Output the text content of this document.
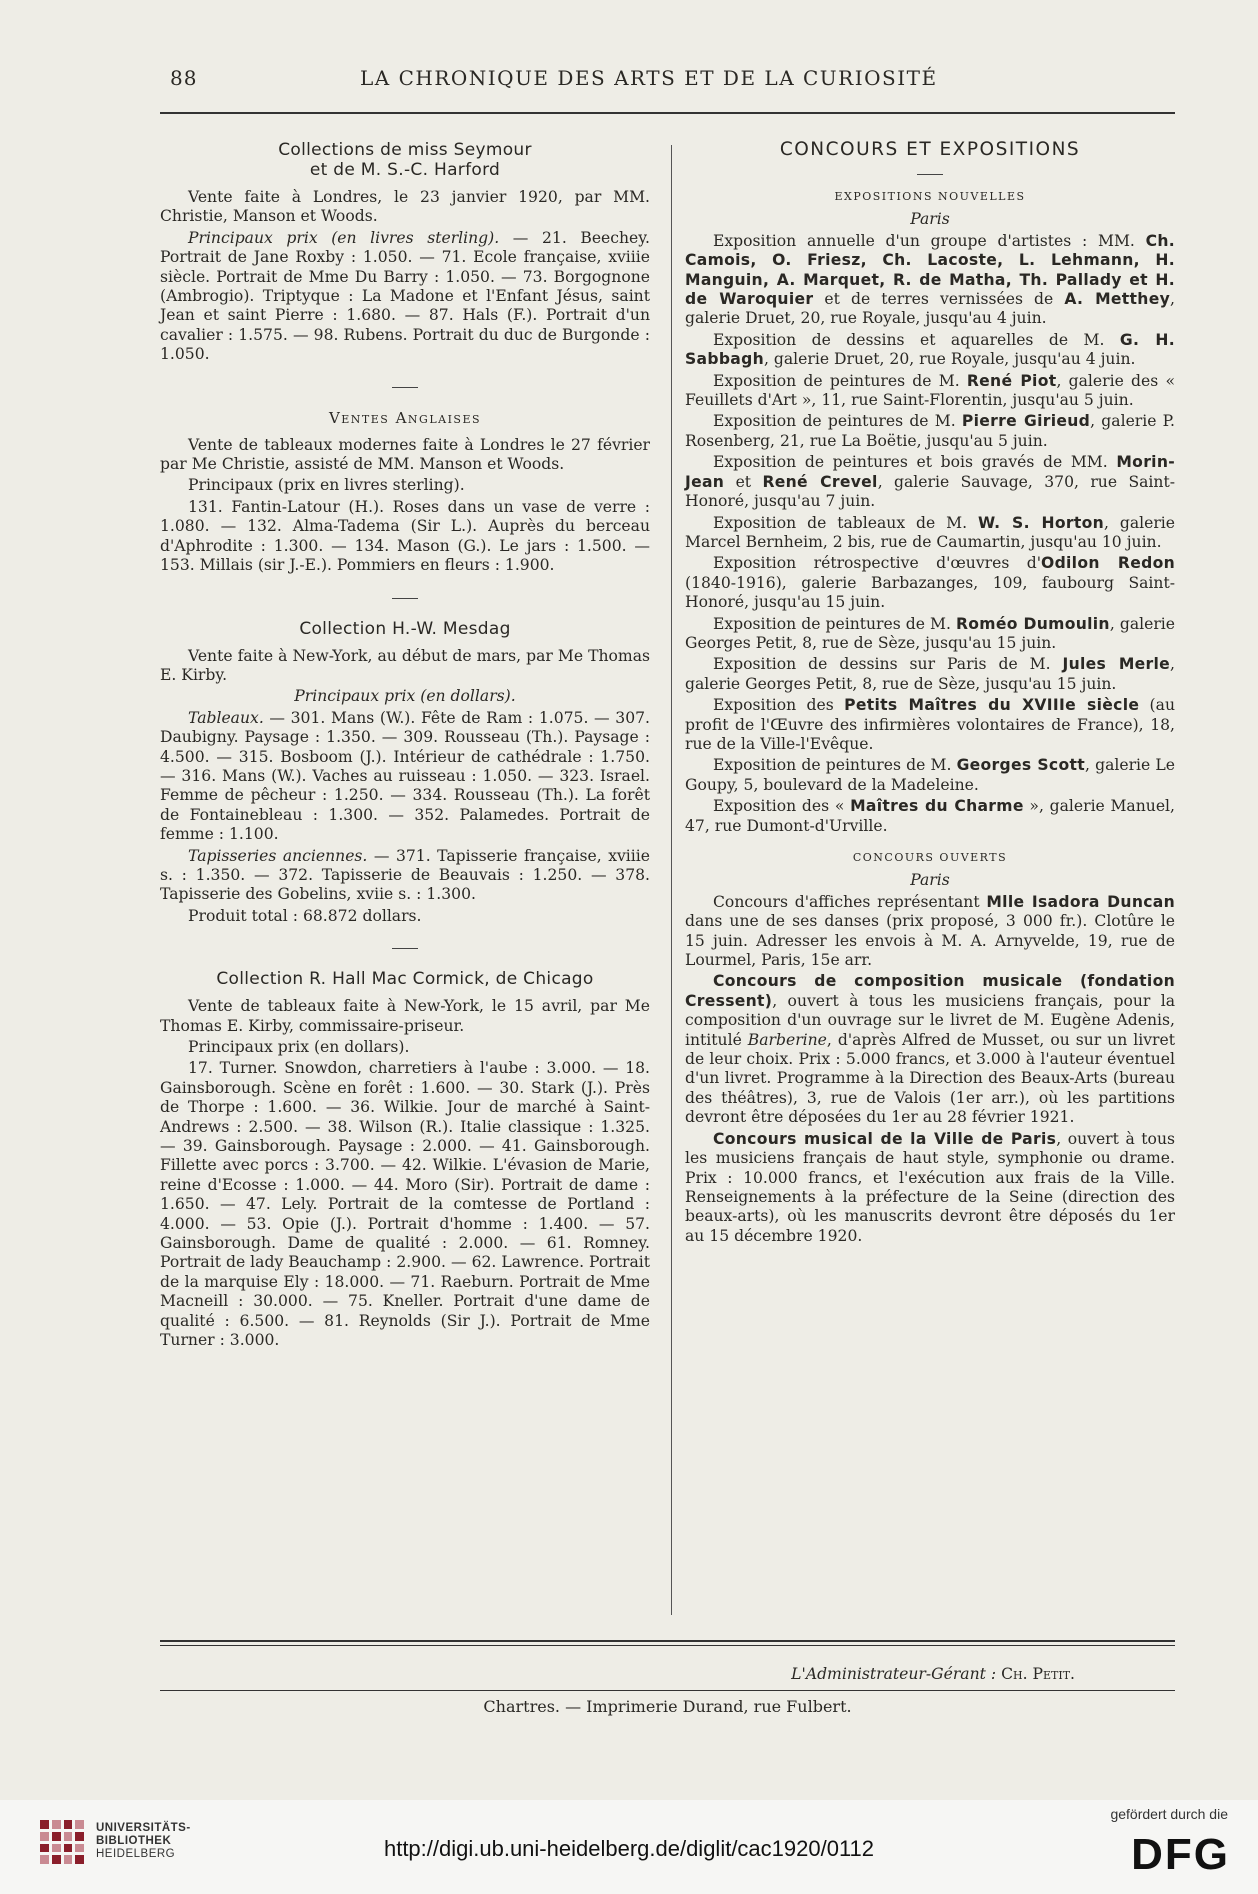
88	LA CHRONIQUE DES ARTS ET DE LA CURIOSITÉ
Collections de miss Seymour
et de M. S.-C. Harford

Vente faite à Londres, le 23 janvier 1920, par MM. Christie, Manson et Woods.

Principaux prix (en livres sterling). — 21. Beechey. Portrait de Jane Roxby : 1.050. — 71. Ecole française, xviiie siècle. Portrait de Mme Du Barry : 1.050. — 73. Borgognone (Ambrogio). Triptyque : La Madone et l'Enfant Jésus, saint Jean et saint Pierre : 1.680. — 87. Hals (F.). Portrait d'un cavalier : 1.575. — 98. Rubens. Portrait du duc de Burgonde : 1.050.

Ventes Anglaises

Vente de tableaux modernes faite à Londres le 27 février par Me Christie, assisté de MM. Manson et Woods.

Principaux (prix en livres sterling).

131. Fantin-Latour (H.). Roses dans un vase de verre : 1.080. — 132. Alma-Tadema (Sir L.). Auprès du berceau d'Aphrodite : 1.300. — 134. Mason (G.). Le jars : 1.500. — 153. Millais (sir J.-E.). Pommiers en fleurs : 1.900.

Collection H.-W. Mesdag

Vente faite à New-York, au début de mars, par Me Thomas E. Kirby.

Principaux prix (en dollars).

Tableaux. — 301. Mans (W.). Fête de Ram : 1.075. — 307. Daubigny. Paysage : 1.350. — 309. Rousseau (Th.). Paysage : 4.500. — 315. Bosboom (J.). Intérieur de cathédrale : 1.750. — 316. Mans (W.). Vaches au ruisseau : 1.050. — 323. Israel. Femme de pêcheur : 1.250. — 334. Rousseau (Th.). La forêt de Fontainebleau : 1.300. — 352. Palamedes. Portrait de femme : 1.100.

Tapisseries anciennes. — 371. Tapisserie française, xviiie s. : 1.350. — 372. Tapisserie de Beauvais : 1.250. — 378. Tapisserie des Gobelins, xviie s. : 1.300.

Produit total : 68.872 dollars.

Collection R. Hall Mac Cormick, de Chicago

Vente de tableaux faite à New-York, le 15 avril, par Me Thomas E. Kirby, commissaire-priseur.

Principaux prix (en dollars).

17. Turner. Snowdon, charretiers à l'aube : 3.000. — 18. Gainsborough. Scène en forêt : 1.600. — 30. Stark (J.). Près de Thorpe : 1.600. — 36. Wilkie. Jour de marché à Saint-Andrews : 2.500. — 38. Wilson (R.). Italie classique : 1.325. — 39. Gainsborough. Paysage : 2.000. — 41. Gainsborough. Fillette avec porcs : 3.700. — 42. Wilkie. L'évasion de Marie, reine d'Ecosse : 1.000. — 44. Moro (Sir). Portrait de dame : 1.650. — 47. Lely. Portrait de la comtesse de Portland : 4.000. — 53. Opie (J.). Portrait d'homme : 1.400. — 57. Gainsborough. Dame de qualité : 2.000. — 61. Romney. Portrait de lady Beauchamp : 2.900. — 62. Lawrence. Portrait de la marquise Ely : 18.000. — 71. Raeburn. Portrait de Mme Macneill : 30.000. — 75. Kneller. Portrait d'une dame de qualité : 6.500. — 81. Reynolds (Sir J.). Portrait de Mme Turner : 3.000.

CONCOURS ET EXPOSITIONS
EXPOSITIONS NOUVELLES

Paris

Exposition annuelle d'un groupe d'artistes : MM. Ch. Camois, O. Friesz, Ch. Lacoste, L. Lehmann, H. Manguin, A. Marquet, R. de Matha, Th. Pallady et H. de Waroquier et de terres vernissées de A. Metthey, galerie Druet, 20, rue Royale, jusqu'au 4 juin.

Exposition de dessins et aquarelles de M. G. H. Sabbagh, galerie Druet, 20, rue Royale, jusqu'au 4 juin.

Exposition de peintures de M. René Piot, galerie des « Feuillets d'Art », 11, rue Saint-Florentin, jusqu'au 5 juin.

Exposition de peintures de M. Pierre Girieud, galerie P. Rosenberg, 21, rue La Boëtie, jusqu'au 5 juin.

Exposition de peintures et bois gravés de MM. Morin-Jean et René Crevel, galerie Sauvage, 370, rue Saint-Honoré, jusqu'au 7 juin.

Exposition de tableaux de M. W. S. Horton, galerie Marcel Bernheim, 2 bis, rue de Caumartin, jusqu'au 10 juin.

Exposition rétrospective d'œuvres d'Odilon Redon (1840-1916), galerie Barbazanges, 109, faubourg Saint-Honoré, jusqu'au 15 juin.

Exposition de peintures de M. Roméo Dumoulin, galerie Georges Petit, 8, rue de Sèze, jusqu'au 15 juin.

Exposition de dessins sur Paris de M. Jules Merle, galerie Georges Petit, 8, rue de Sèze, jusqu'au 15 juin.

Exposition des Petits Maîtres du XVIIIe siècle (au profit de l'Œuvre des infirmières volontaires de France), 18, rue de la Ville-l'Evêque.

Exposition de peintures de M. Georges Scott, galerie Le Goupy, 5, boulevard de la Madeleine.

Exposition des « Maîtres du Charme », galerie Manuel, 47, rue Dumont-d'Urville.

CONCOURS OUVERTS

Paris

Concours d'affiches représentant Mlle Isadora Duncan dans une de ses danses (prix proposé, 3 000 fr.). Clotûre le 15 juin. Adresser les envois à M. A. Arnyvelde, 19, rue de Lourmel, Paris, 15e arr.

Concours de composition musicale (fondation Cressent), ouvert à tous les musiciens français, pour la composition d'un ouvrage sur le livret de M. Eugène Adenis, intitulé Barberine, d'après Alfred de Musset, ou sur un livret de leur choix. Prix : 5.000 francs, et 3.000 à l'auteur éventuel d'un livret. Programme à la Direction des Beaux-Arts (bureau des théâtres), 3, rue de Valois (1er arr.), où les partitions devront être déposées du 1er au 28 février 1921.

Concours musical de la Ville de Paris, ouvert à tous les musiciens français de haut style, symphonie ou drame. Prix : 10.000 francs, et l'exécution aux frais de la Ville. Renseignements à la préfecture de la Seine (direction des beaux-arts), où les manuscrits devront être déposés du 1er au 15 décembre 1920.

L'Administrateur-Gérant : Ch. Petit.
Chartres. — Imprimerie Durand, rue Fulbert.
UNIVERSITÄTS-
BIBLIOTHEK
HEIDELBERG	http://digi.ub.uni-heidelberg.de/diglit/cac1920/0112
gefördert durch die
DFG
